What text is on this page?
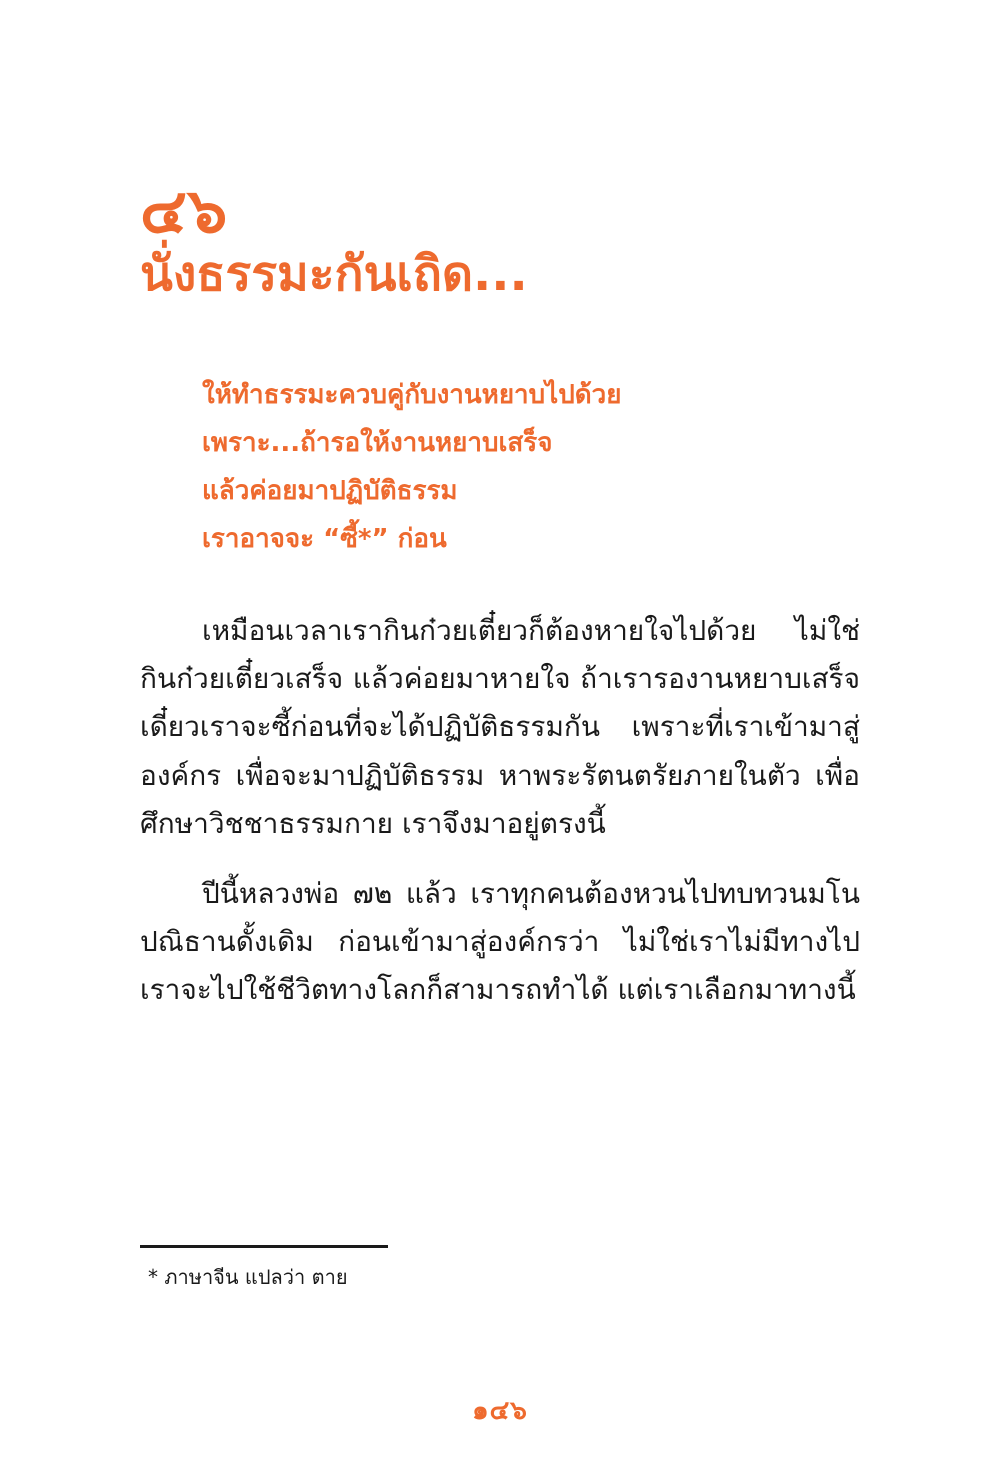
๔๖
นั่งธรรมะกันเถิด...
ให้ทำธรรมะควบคู่กับงานหยาบไปด้วย
เพราะ...ถ้ารอให้งานหยาบเสร็จ
แล้วค่อยมาปฏิบัติธรรม
เราอาจจะ “ซี้*” ก่อน

เหมือนเวลาเรากินก๋วยเตี๋ยวก็ต้องหายใจไปด้วย ไม่ใช่กินก๋วยเตี๋ยวเสร็จ แล้วค่อยมาหายใจ ถ้าเรารองานหยาบเสร็จ เดี๋ยวเราจะซี้ก่อนที่จะได้ปฏิบัติธรรมกัน เพราะที่เราเข้ามาสู่องค์กร เพื่อจะมาปฏิบัติธรรม หาพระรัตนตรัยภายในตัว เพื่อศึกษาวิชชาธรรมกาย เราจึงมาอยู่ตรงนี้

ปีนี้หลวงพ่อ ๗๒ แล้ว เราทุกคนต้องหวนไปทบทวนมโนปณิธานดั้งเดิม ก่อนเข้ามาสู่องค์กรว่า ไม่ใช่เราไม่มีทางไป เราจะไปใช้ชีวิตทางโลกก็สามารถทำได้ แต่เราเลือกมาทางนี้

* ภาษาจีน แปลว่า ตาย
๑๔๖
